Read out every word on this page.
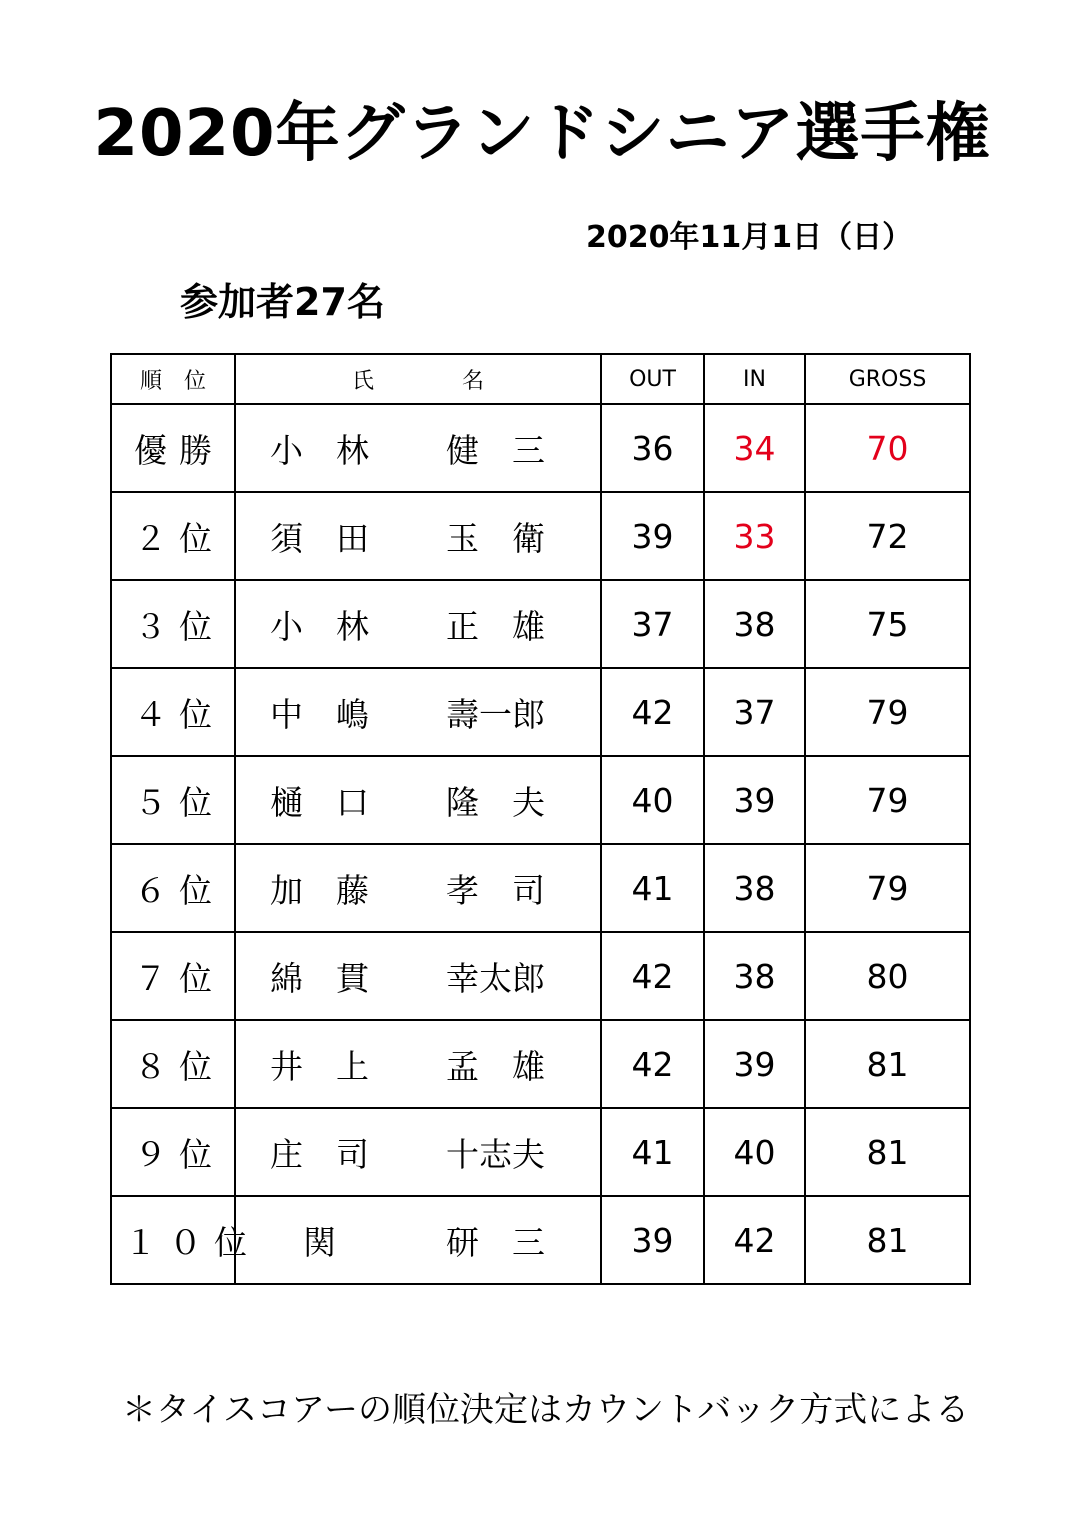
2020年グランドシニア選手権
2020年11月1日（日）
参加者27名
順　位	氏　　　　名	OUT	IN	GROSS
優勝	小　林 健　三	36	34	70
２位	須　田 玉　衛	39	33	72
３位	小　林 正　雄	37	38	75
４位	中　嶋 壽一郎	42	37	79
５位	樋　口 隆　夫	40	39	79
６位	加　藤 孝　司	41	38	79
７位	綿　貫 幸太郎	42	38	80
８位	井　上 孟　雄	42	39	81
９位	庄　司 十志夫	41	40	81
１０位	　関 研　三	39	42	81
＊タイスコアーの順位決定はカウントバック方式による
